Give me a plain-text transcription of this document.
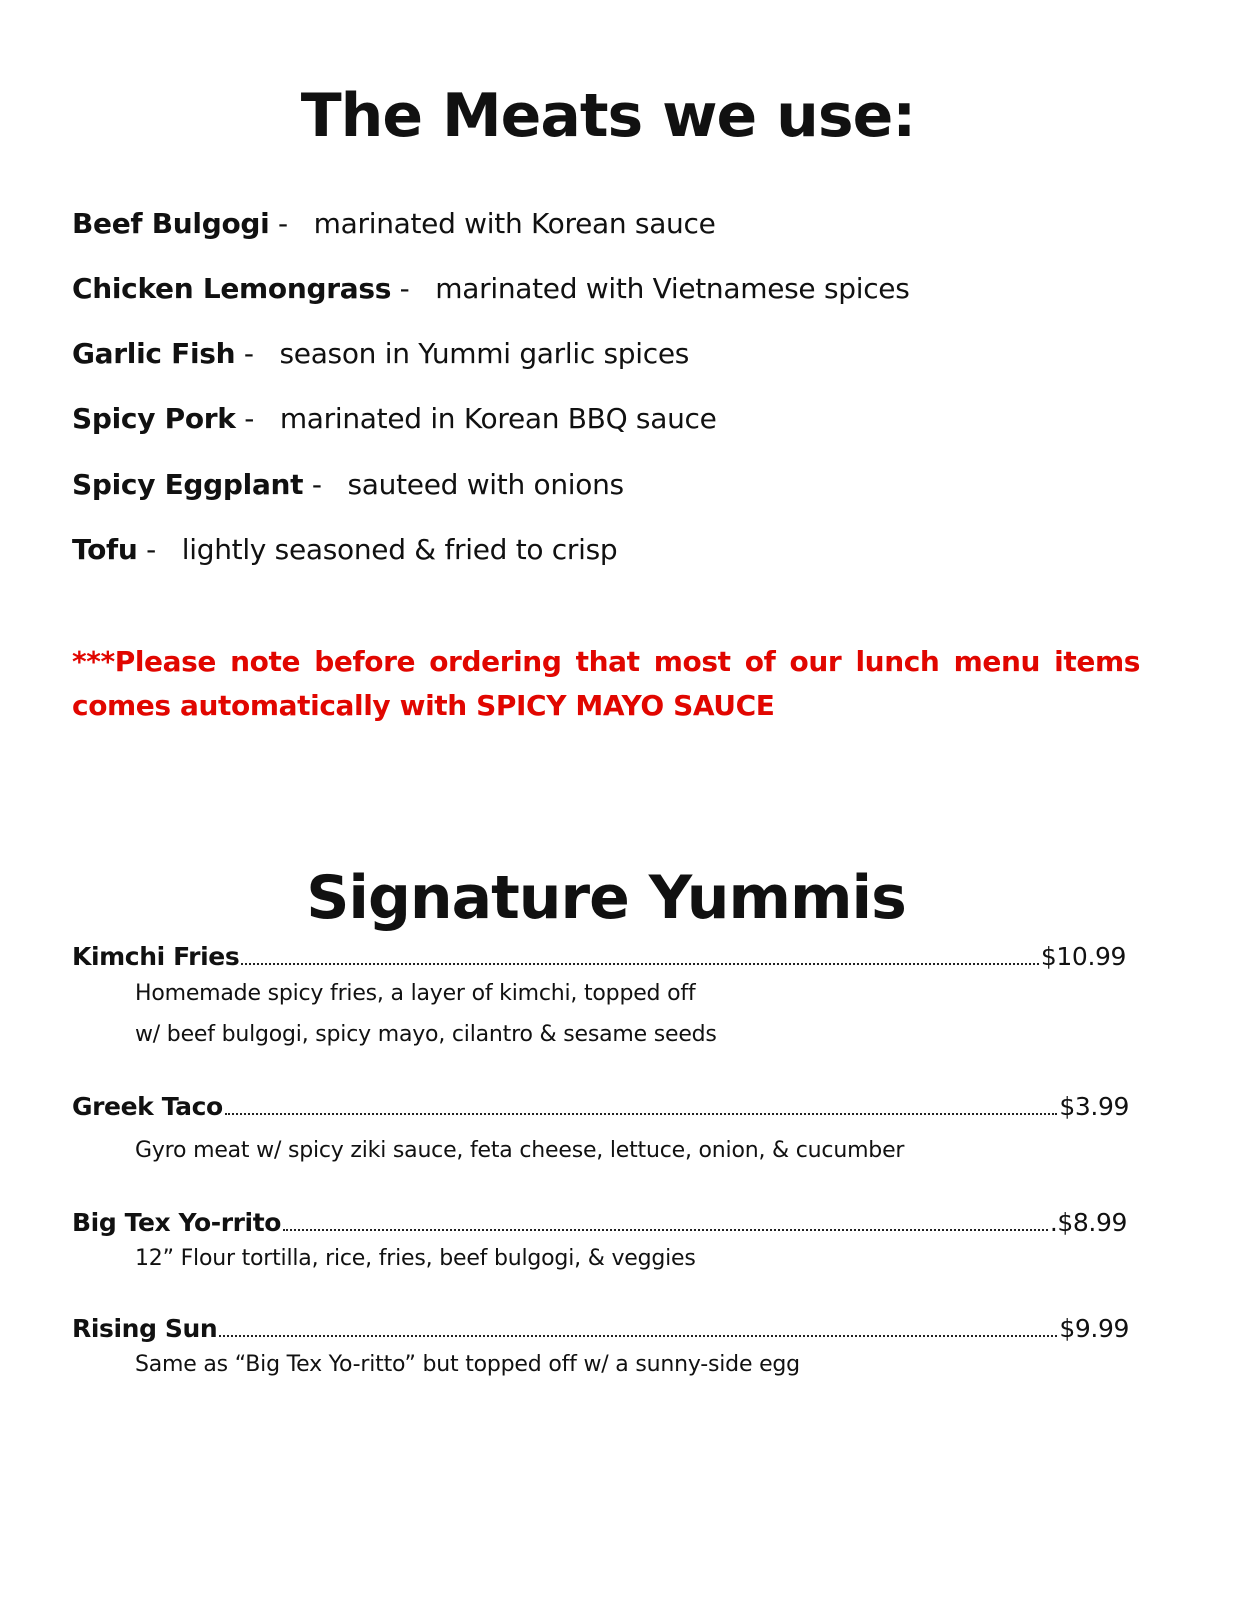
The Meats we use:
Beef Bulgogi -   marinated with Korean sauce
Chicken Lemongrass -   marinated with Vietnamese spices
Garlic Fish -   season in Yummi garlic spices
Spicy Pork -   marinated in Korean BBQ sauce
Spicy Eggplant -   sauteed with onions
Tofu -   lightly seasoned & fried to crisp
***Please note before ordering that most of our lunch menu items comes automatically with SPICY MAYO SAUCE
Signature Yummis
Kimchi Fries	$10.99
Homemade spicy fries, a layer of kimchi, topped off
w/ beef bulgogi, spicy mayo, cilantro & sesame seeds
Greek Taco	$3.99
Gyro meat w/ spicy ziki sauce, feta cheese, lettuce, onion, & cucumber
Big Tex Yo-rrito	.$8.99
12” Flour tortilla, rice, fries, beef bulgogi, & veggies
Rising Sun	$9.99
Same as “Big Tex Yo-ritto” but topped off w/ a sunny-side egg
